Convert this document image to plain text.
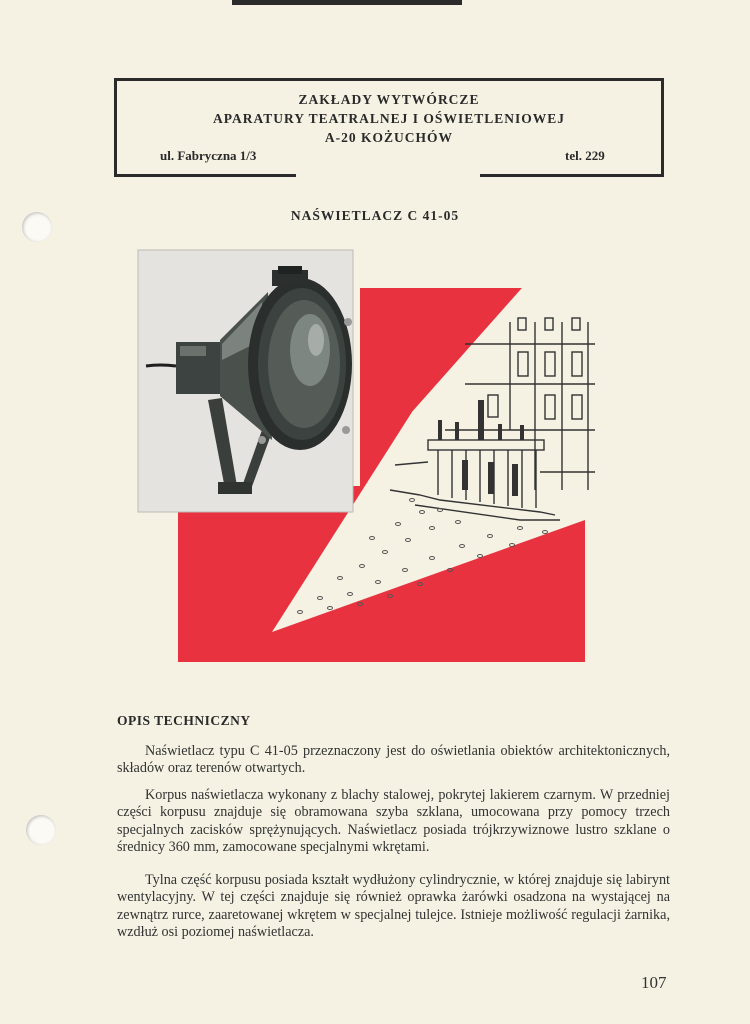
ZAKŁADY WYTWÓRCZE
APARATURY TEATRALNEJ I OŚWIETLENIOWEJ
A-20 KOŻUCHÓW
ul. Fabryczna 1/3	tel. 229
NAŚWIETLACZ C 41-05
OPIS TECHNICZNY

Naświetlacz typu C 41-05 przeznaczony jest do oświetlania obiektów architektonicznych, składów oraz terenów otwartych.

Korpus naświetlacza wykonany z blachy stalowej, pokrytej lakierem czarnym. W przedniej części korpusu znajduje się obramowana szyba szklana, umocowana przy pomocy trzech specjalnych zacisków sprężynujących. Naświetlacz posiada trójkrzywiznowe lustro szklane o średnicy 360 mm, zamocowane specjalnymi wkrętami.

Tylna część korpusu posiada kształt wydłużony cylindrycznie, w której znajduje się labirynt wentylacyjny. W tej części znajduje się również oprawka żarówki osadzona na wystającej na zewnątrz rurce, zaaretowanej wkrętem w specjalnej tulejce. Istnieje możliwość regulacji żarnika, wzdłuż osi poziomej naświetlacza.

107
